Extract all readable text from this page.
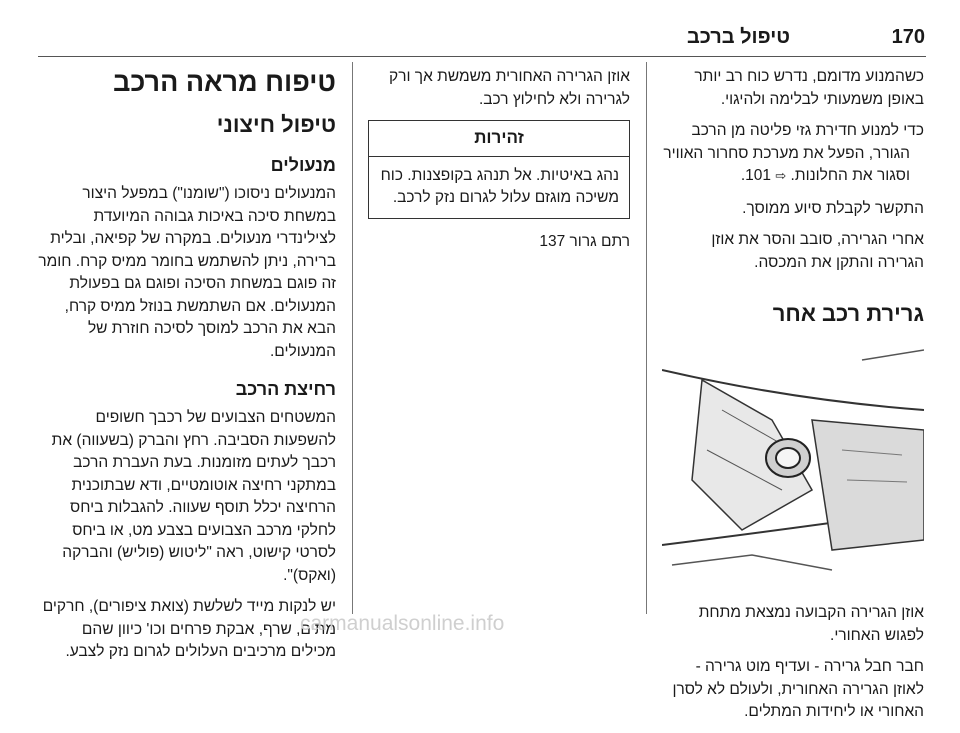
טיפול ברכב	170

כשהמנוע מדומם, נדרש כוח רב יותר באופן משמעותי לבלימה ולהיגוי.

כדי למנוע חדירת גזי פליטה מן הרכב הגורר, הפעל את מערכת סחרור האוויר וסגור את החלונות. ⇨ 101.

התקשר לקבלת סיוע ממוסך.

אחרי הגרירה, סובב והסר את אוזן הגרירה והתקן את המכסה.

גרירת רכב אחר

אוזן הגרירה הקבועה נמצאת מתחת לפגוש האחורי.

חבר חבל גרירה - ועדיף מוט גרירה - לאוזן הגרירה האחורית, ולעולם לא לסרן האחורי או ליחידות המתלים.

אוזן הגרירה האחורית משמשת אך ורק לגרירה ולא לחילוץ רכב.

זהירות
נהג באיטיות. אל תנהג בקופצנות. כוח משיכה מוגזם עלול לגרום נזק לרכב.

רתם גרור 137

טיפוח מראה הרכב
טיפול חיצוני
מנעולים

המנעולים ניסוכו ("שומנו") במפעל היצור במשחת סיכה באיכות גבוהה המיועדת לצילינדרי מנעולים. במקרה של קפיאה, ובלית ברירה, ניתן להשתמש בחומר ממיס קרח. חומר זה פוגם במשחת הסיכה ופוגם גם בפעולת המנעולים. אם השתמשת בנוזל ממיס קרח, הבא את הרכב למוסך לסיכה חוזרת של המנעולים.

רחיצת הרכב

המשטחים הצבועים של רכבך חשופים להשפעות הסביבה. רחץ והברק (בשעווה) את רכבך לעתים מזומנות. בעת העברת הרכב במתקני רחיצה אוטומטיים, ודא שבתוכנית הרחיצה יכלל תוסף שעווה. להגבלות ביחס לחלקי מרכב הצבועים בצבע מט, או ביחס לסרטי קישוט, ראה "ליטוש (פוליש) והברקה (ואקס)".

יש לנקות מייד לשלשת (צואת ציפורים), חרקים מתים, שרף, אבקת פרחים וכו' כיוון שהם מכילים מרכיבים העלולים לגרום נזק לצבע.

carmanualsonline.info
